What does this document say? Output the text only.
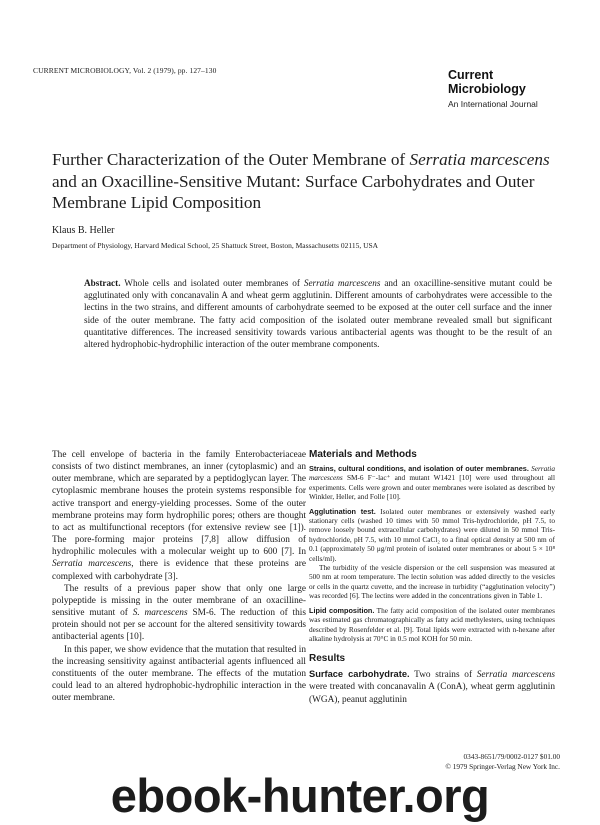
CURRENT MICROBIOLOGY, Vol. 2 (1979), pp. 127–130	Current
Microbiology
An International Journal
Further Characterization of the Outer Membrane of Serratia marcescens and an Oxacilline-Sensitive Mutant: Surface Carbohydrates and Outer Membrane Lipid Composition
Klaus B. Heller
Department of Physiology, Harvard Medical School, 25 Shattuck Street, Boston, Massachusetts 02115, USA
Abstract. Whole cells and isolated outer membranes of Serratia marcescens and an oxacilline-sensitive mutant could be agglutinated only with concanavalin A and wheat germ agglutinin. Different amounts of carbohydrates were accessible to the lectins in the two strains, and different amounts of carbohydrate seemed to be exposed at the outer cell surface and the inner side of the outer membrane. The fatty acid composition of the isolated outer membrane revealed small but significant quantitative differences. The increased sensitivity towards various antibacterial agents was thought to be the result of an altered hydrophobic-hydrophilic interaction of the outer membrane components.

The cell envelope of bacteria in the family Enterobacteriaceae consists of two distinct membranes, an inner (cytoplasmic) and an outer membrane, which are separated by a peptidoglycan layer. The cytoplasmic membrane houses the protein systems responsible for active transport and energy-yielding processes. Some of the outer membrane proteins may form hydrophilic pores; others are thought to act as multifunctional receptors (for extensive review see [1]). The pore-forming major proteins [7,8] allow diffusion of hydrophilic molecules with a molecular weight up to 600 [7]. In Serratia marcescens, there is evidence that these proteins are complexed with carbohydrate [3].

The results of a previous paper show that only one large polypeptide is missing in the outer membrane of an oxacilline-sensitive mutant of S. marcescens SM-6. The reduction of this protein should not per se account for the altered sensitivity towards antibacterial agents [10].

In this paper, we show evidence that the mutation that resulted in the increasing sensitivity against antibacterial agents influenced all constituents of the outer membrane. The effects of the mutation could lead to an altered hydrophobic-hydrophilic interaction in the outer membrane.

Materials and Methods

Strains, cultural conditions, and isolation of outer membranes. Serratia marcescens SM-6 F⁻-lac⁺ and mutant W1421 [10] were used throughout all experiments. Cells were grown and outer membranes were isolated as described by Winkler, Heller, and Folle [10].

Agglutination test. Isolated outer membranes or extensively washed early stationary cells (washed 10 times with 50 mmol Tris-hydrochloride, pH 7.5, to remove loosely bound extracellular carbohydrates) were diluted in 50 mmol Tris-hydrochloride, pH 7.5, with 10 mmol CaCl₂ to a final optical density at 500 nm of 0.1 (approximately 50 μg/ml protein of isolated outer membranes or about 5 × 10⁸ cells/ml).

The turbidity of the vesicle dispersion or the cell suspension was measured at 500 nm at room temperature. The lectin solution was added directly to the vesicles or cells in the quartz cuvette, and the increase in turbidity (“agglutination velocity”) was recorded [6]. The lectins were added in the concentrations given in Table 1.

Lipid composition. The fatty acid composition of the isolated outer membranes was estimated gas chromatographically as fatty acid methylesters, using techniques described by Rosenfelder et al. [9]. Total lipids were extracted with n-hexane after alkaline hydrolysis at 70°C in 0.5 mol KOH for 50 min.

Results

Surface carbohydrate. Two strains of Serratia marcescens were treated with concanavalin A (ConA), wheat germ agglutinin (WGA), peanut agglutinin

0343-8651/79/0002-0127 $01.00
© 1979 Springer-Verlag New York Inc.
ebook-hunter.org
